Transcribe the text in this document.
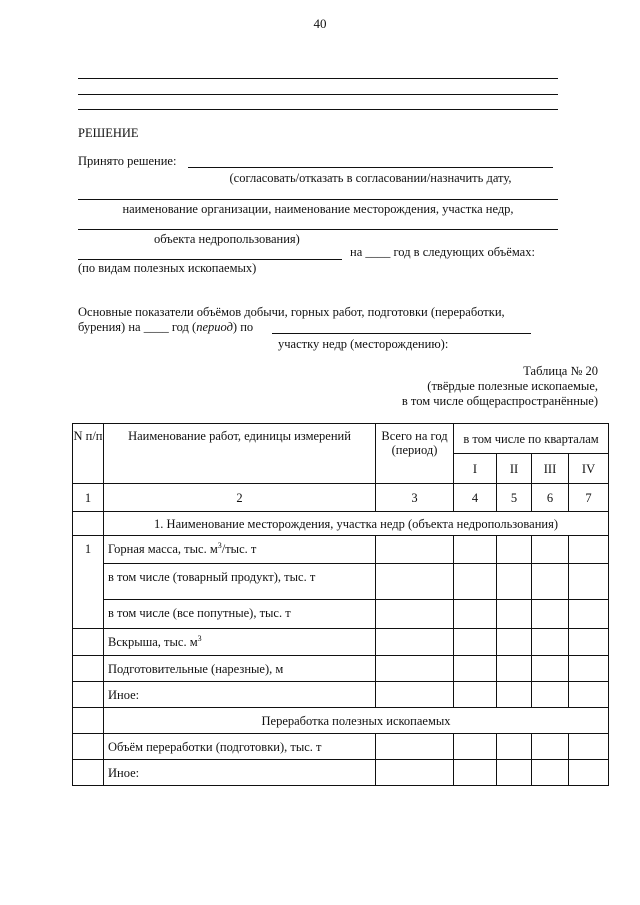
40
РЕШЕНИЕ
Принято решение:
(согласовать/отказать в согласовании/назначить дату,
наименование организации, наименование месторождения, участка недр,
объекта недропользования)
на ____ год в следующих объёмах:
(по видам полезных ископаемых)
Основные показатели объёмов добычи, горных работ, подготовки (переработки,
бурения) на ____ год (период) по
участку недр (месторождению):
Таблица № 20
(твёрдые полезные ископаемые,
в том числе общераспространённые)
N п/п	Наименование работ, единицы измерений	Всего на год (период)	в том числе по кварталам			
			I	II	III	IV
1	2	3	4	5	6	7
	1. Наименование месторождения, участка недр (объекта недропользования)					
1	Горная масса, тыс. $м^3$/тыс. т					
	в том числе (товарный продукт), тыс. т					
	в том числе (все попутные), тыс. т					
	Вскрыша, тыс. $м^3$					
	Подготовительные (нарезные), м					
	Иное:					
	Переработка полезных ископаемых					
	Объём переработки (подготовки), тыс. т					
	Иное:					
